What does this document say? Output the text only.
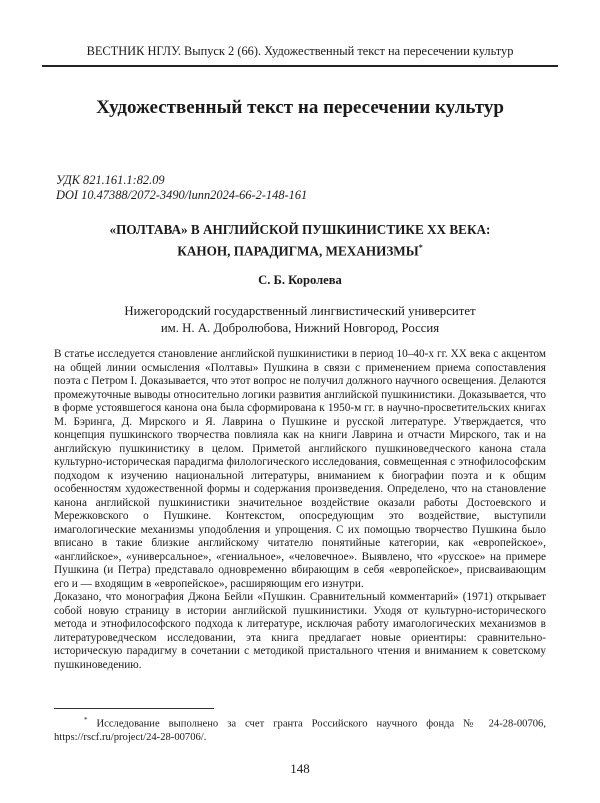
ВЕСТНИК НГЛУ. Выпуск 2 (66). Художественный текст на пересечении культур
Художественный текст на пересечении культур
УДК 821.161.1:82.09
DOI 10.47388/2072-3490/lunn2024-66-2-148-161
«ПОЛТАВА» В АНГЛИЙСКОЙ ПУШКИНИСТИКЕ XX ВЕКА:
КАНОН, ПАРАДИГМА, МЕХАНИЗМЫ*
С. Б. Королева
Нижегородский государственный лингвистический университет
им. Н. А. Добролюбова, Нижний Новгород, Россия

В статье исследуется становление английской пушкинистики в период 10–40-х гг. XX века с акцентом на общей линии осмысления «Полтавы» Пушкина в связи с применением приема сопоставления поэта с Петром I. Доказывается, что этот вопрос не получил должного научного освещения. Делаются промежуточные выводы относительно логики развития английской пушкинистики. Доказывается, что в форме устоявшегося канона она была сформирована к 1950-м гг. в научно-просветительских книгах М. Бэринга, Д. Мирского и Я. Лаврина о Пушкине и русской литературе. Утверждается, что концепция пушкинского творчества повлияла как на книги Лаврина и отчасти Мирского, так и на английскую пушкинистику в целом. Приметой английского пушкиноведческого канона стала культурно-историческая парадигма филологического исследования, совмещенная с этнофилософским подходом к изучению национальной литературы, вниманием к биографии поэта и к общим особенностям художественной формы и содержания произведения. Определено, что на становление канона английской пушкинистики значительное воздействие оказали работы Достоевского и Мережковского о Пушкине. Контекстом, опосредующим это воздействие, выступили имагологические механизмы уподобления и упрощения. С их помощью творчество Пушкина было вписано в такие близкие английскому читателю понятийные категории, как «европейское», «английское», «универсальное», «гениальное», «человечное». Выявлено, что «русское» на примере Пушкина (и Петра) представало одновременно вбирающим в себя «европейское», присваивающим его и — входящим в «европейское», расширяющим его изнутри.

Доказано, что монография Джона Бейли «Пушкин. Сравнительный комментарий» (1971) открывает собой новую страницу в истории английской пушкинистики. Уходя от культурно-исторического метода и этнофилософского подхода к литературе, исключая работу имагологических механизмов в литературоведческом исследовании, эта книга предлагает новые ориентиры: сравнительно-историческую парадигму в сочетании с методикой пристального чтения и вниманием к советскому пушкиноведению.

* Исследование выполнено за счет гранта Российского научного фонда № 24-28-00706, https://rscf.ru/project/24-28-00706/.
148
